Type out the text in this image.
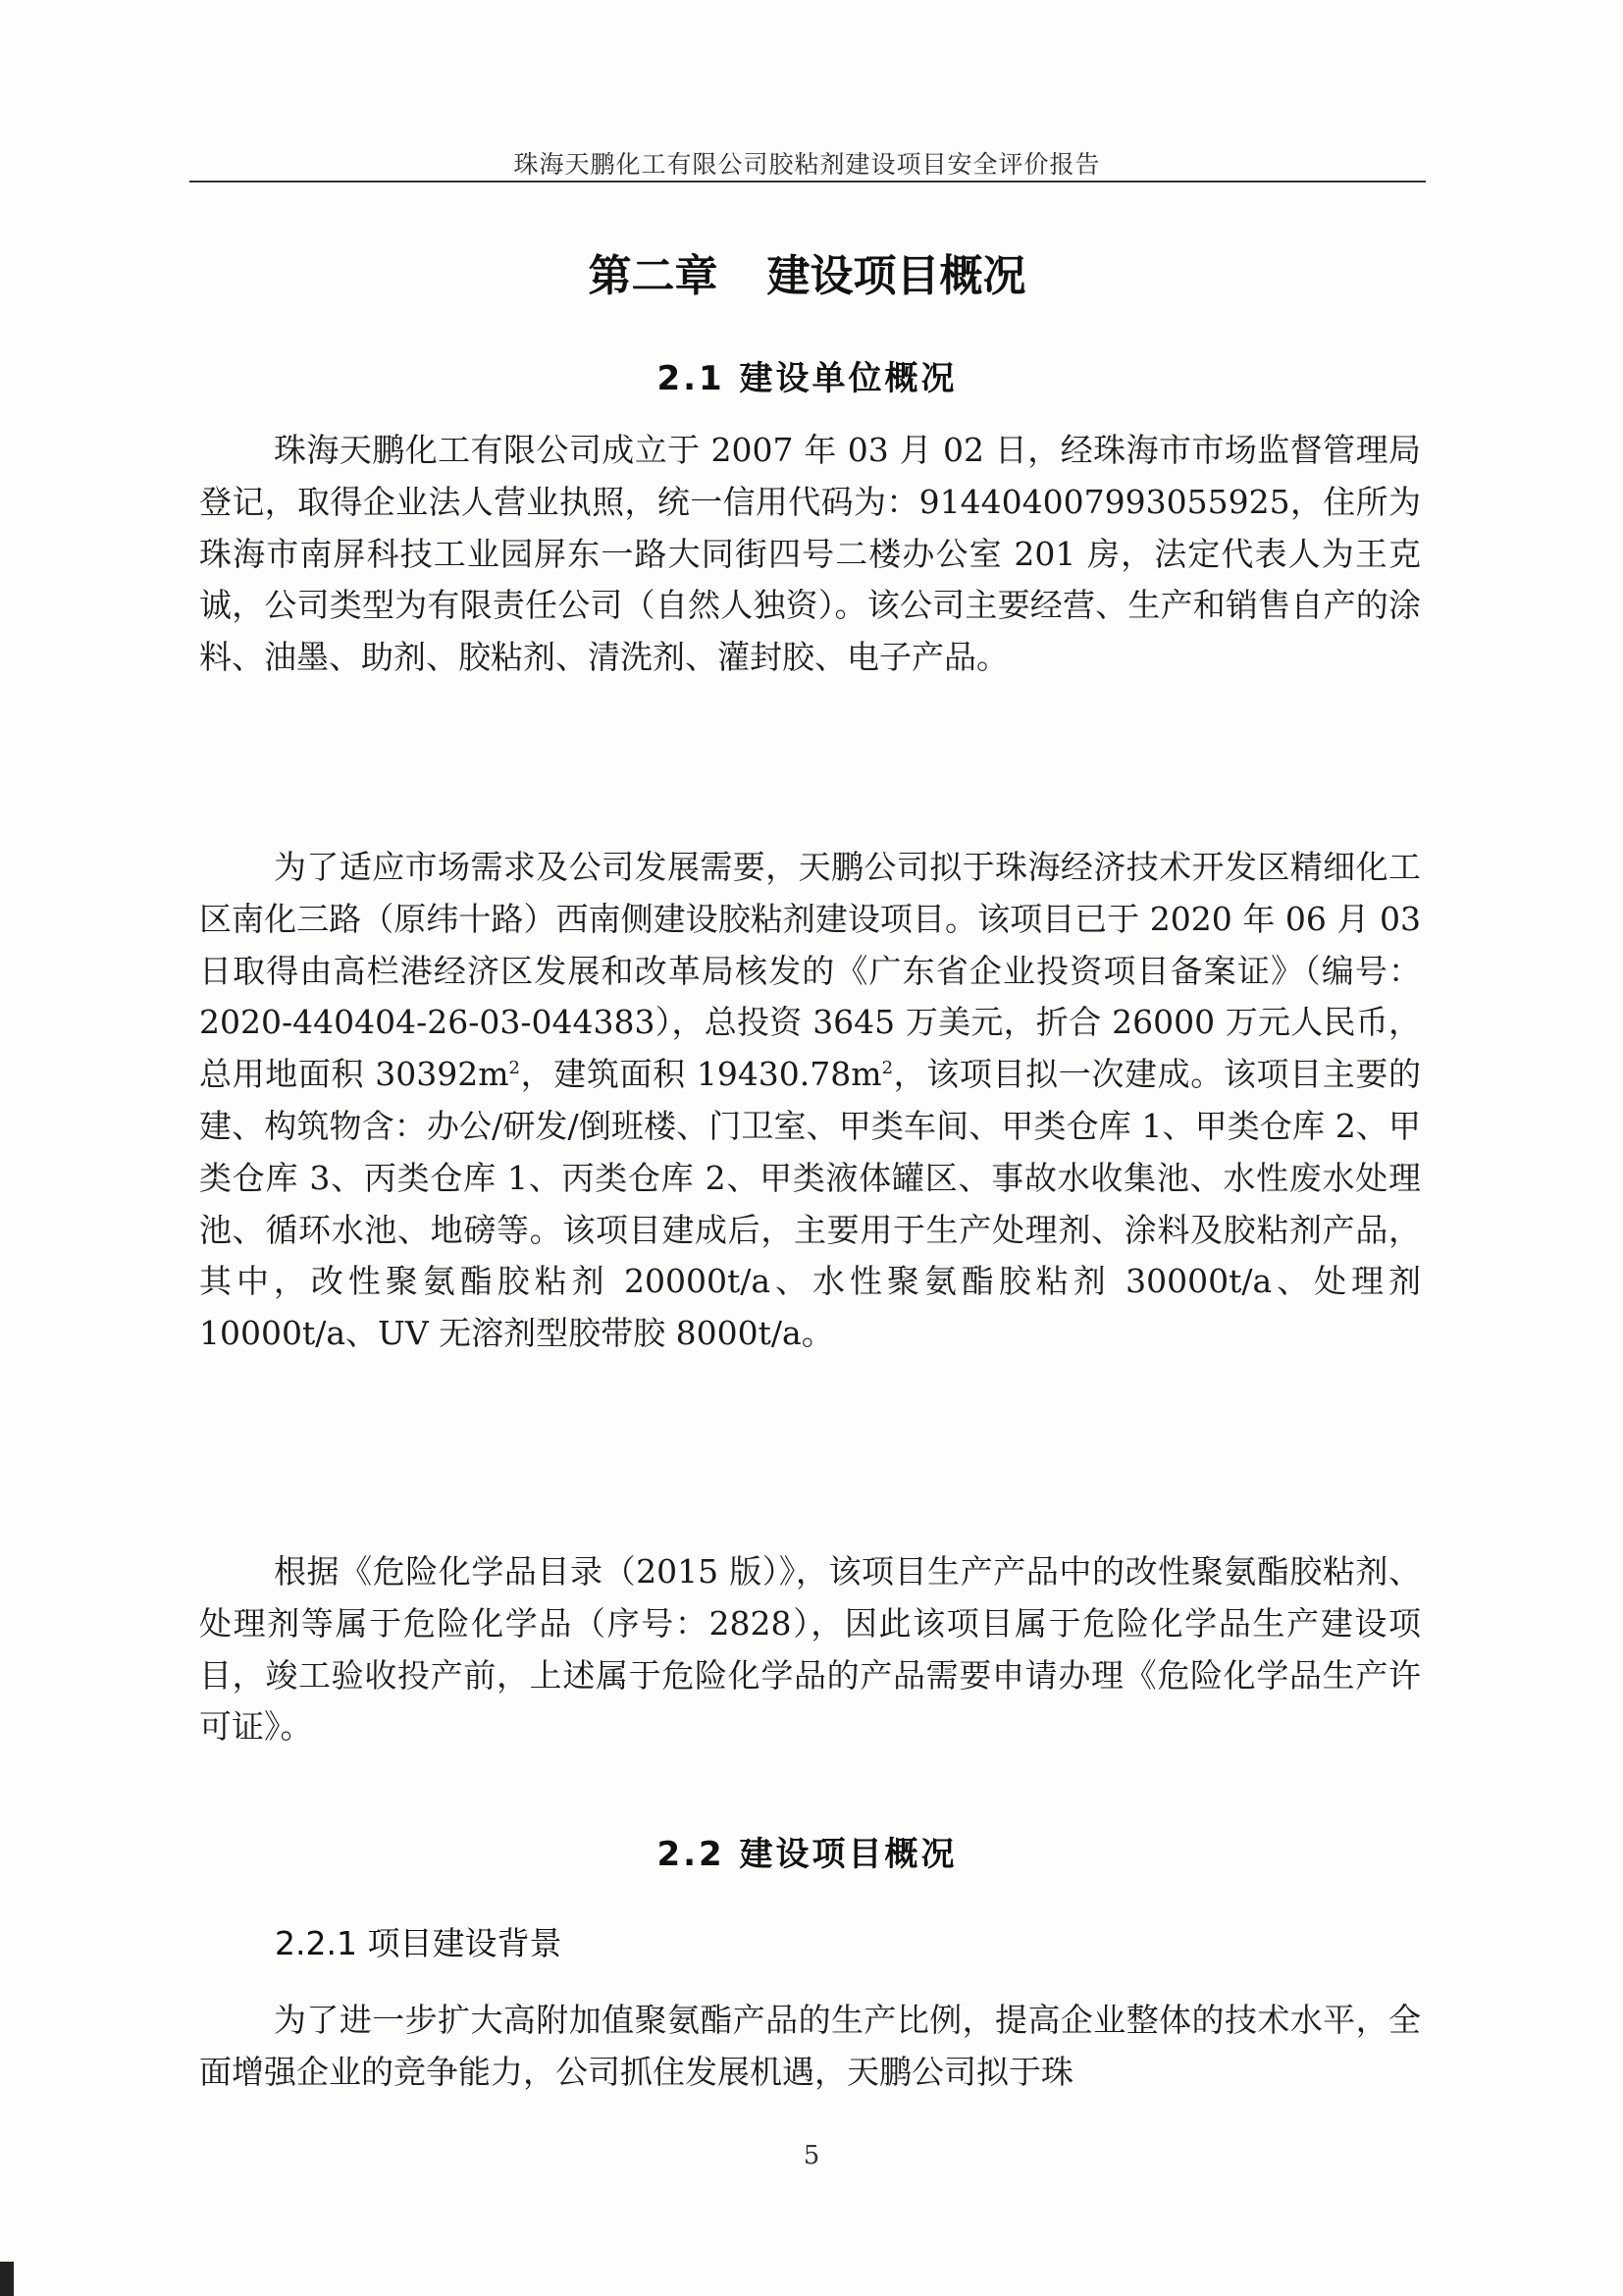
珠海天鹏化工有限公司胶粘剂建设项目安全评价报告
第二章 建设项目概况
2.1 建设单位概况
珠海天鹏化工有限公司成立于 2007 年 03 月 02 日，经珠海市市场监督管理局登记，取得企业法人营业执照，统一信用代码为：914404007993055925，住所为珠海市南屏科技工业园屏东一路大同街四号二楼办公室 201 房，法定代表人为王克诚，公司类型为有限责任公司（自然人独资）。该公司主要经营、生产和销售自产的涂料、油墨、助剂、胶粘剂、清洗剂、灌封胶、电子产品。
为了适应市场需求及公司发展需要，天鹏公司拟于珠海经济技术开发区精细化工区南化三路（原纬十路）西南侧建设胶粘剂建设项目。该项目已于 2020 年 06 月 03 日取得由高栏港经济区发展和改革局核发的《广东省企业投资项目备案证》（编号：2020-440404-26-03-044383），总投资 3645 万美元，折合 26000 万元人民币，总用地面积 $30392m^2$，建筑面积 $19430.78m^2$，该项目拟一次建成。该项目主要的建、构筑物含：办公/研发/倒班楼、门卫室、甲类车间、甲类仓库 1、甲类仓库 2、甲类仓库 3、丙类仓库 1、丙类仓库 2、甲类液体罐区、事故水收集池、水性废水处理池、循环水池、地磅等。该项目建成后，主要用于生产处理剂、涂料及胶粘剂产品，其中，改性聚氨酯胶粘剂 20000t/a、水性聚氨酯胶粘剂 30000t/a、处理剂 10000t/a、UV 无溶剂型胶带胶 8000t/a。
根据《危险化学品目录（2015 版）》，该项目生产产品中的改性聚氨酯胶粘剂、处理剂等属于危险化学品（序号：2828），因此该项目属于危险化学品生产建设项目，竣工验收投产前，上述属于危险化学品的产品需要申请办理《危险化学品生产许可证》。
2.2 建设项目概况
2.2.1 项目建设背景
为了进一步扩大高附加值聚氨酯产品的生产比例，提高企业整体的技术水平，全面增强企业的竞争能力，公司抓住发展机遇，天鹏公司拟于珠
5
